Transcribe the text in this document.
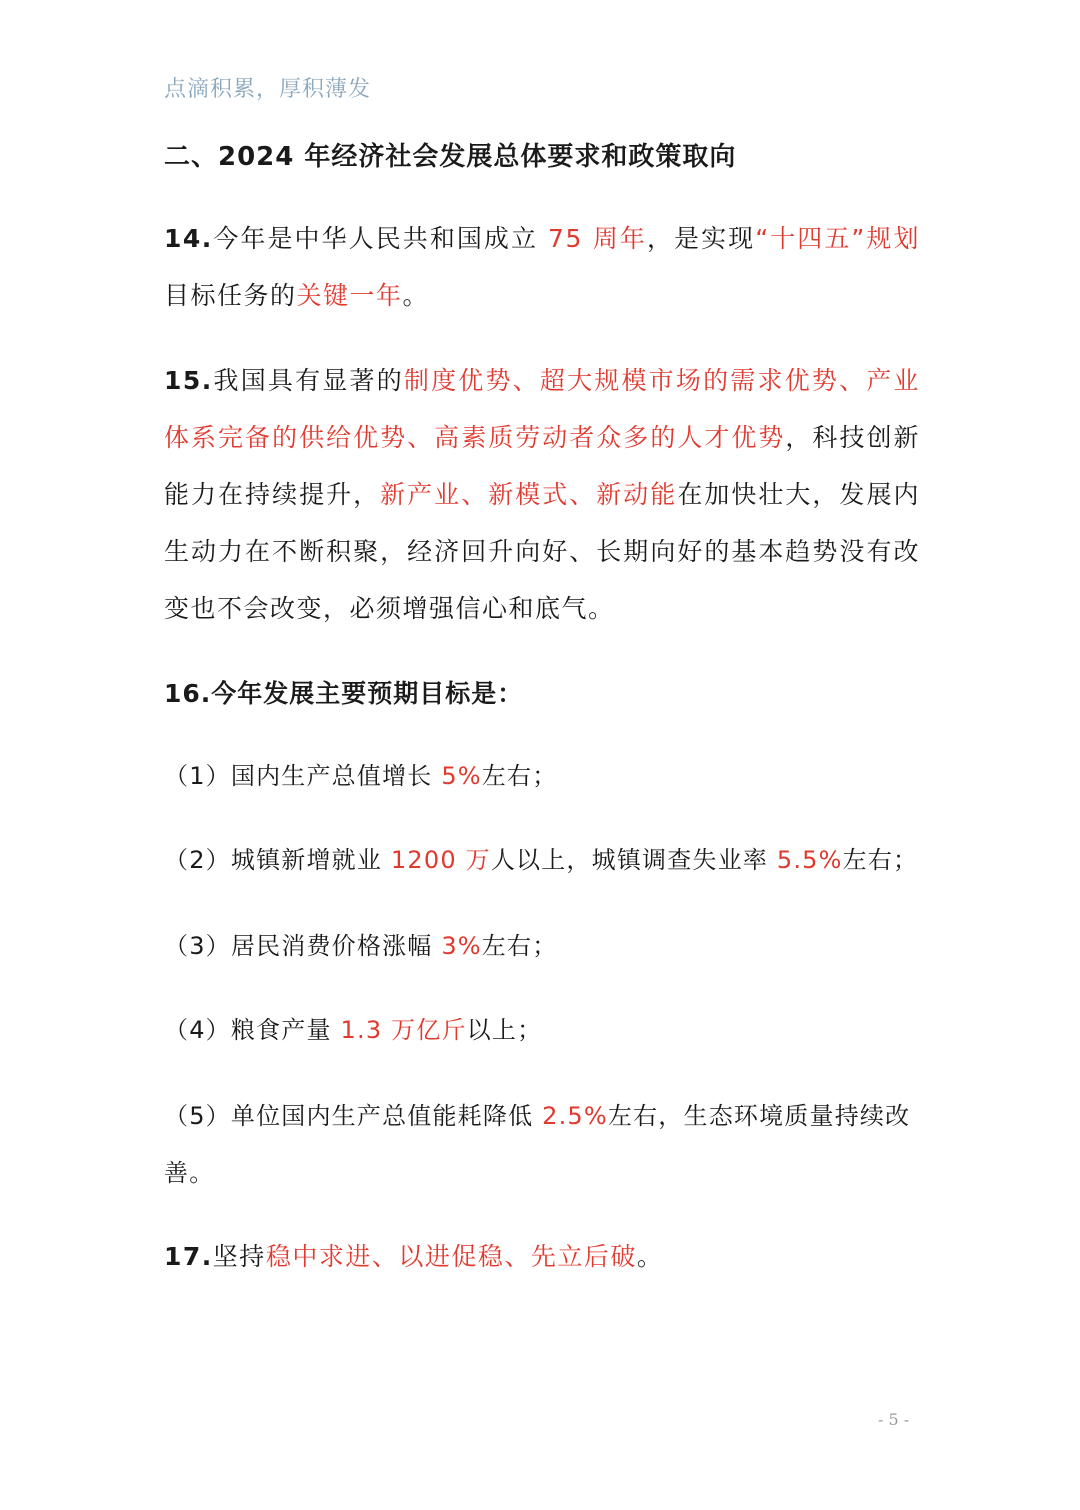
点滴积累，厚积薄发
二、2024 年经济社会发展总体要求和政策取向
14.今年是中华人民共和国成立 75 周年，是实现“十四五”规划目标任务的关键一年。
15.我国具有显著的制度优势、超大规模市场的需求优势、产业体系完备的供给优势、高素质劳动者众多的人才优势，科技创新能力在持续提升，新产业、新模式、新动能在加快壮大，发展内生动力在不断积聚，经济回升向好、长期向好的基本趋势没有改变也不会改变，必须增强信心和底气。
16.今年发展主要预期目标是：
（1）国内生产总值增长 5%左右；
（2）城镇新增就业 1200 万人以上，城镇调查失业率 5.5%左右；
（3）居民消费价格涨幅 3%左右；
（4）粮食产量 1.3 万亿斤以上；
（5）单位国内生产总值能耗降低 2.5%左右，生态环境质量持续改善。
17.坚持稳中求进、以进促稳、先立后破。
- 5 -
